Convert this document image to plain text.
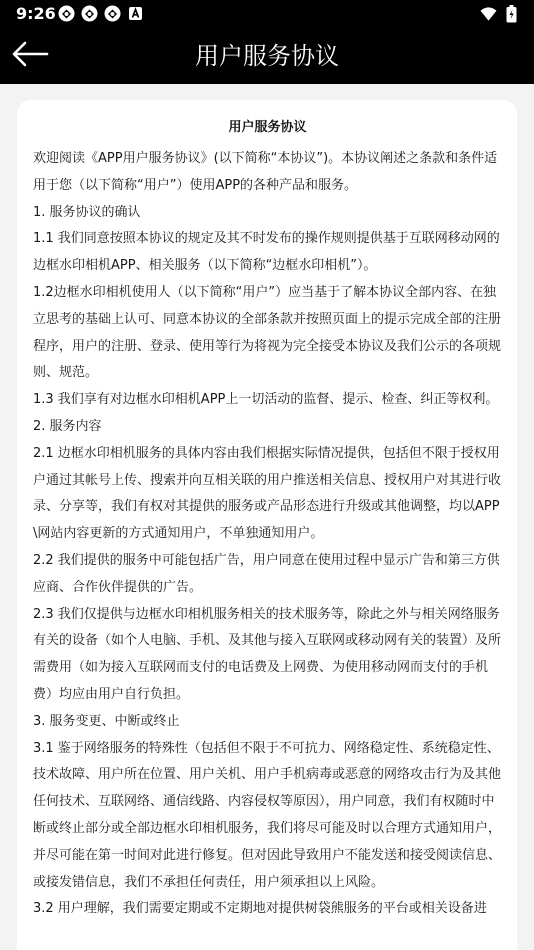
9:26
用户服务协议
用户服务协议

欢迎阅读《APP用户服务协议》(以下简称“本协议”)。本协议阐述之条款和条件适用于您（以下简称“用户”）使用APP的各种产品和服务。

1. 服务协议的确认

1.1 我们同意按照本协议的规定及其不时发布的操作规则提供基于互联网移动网的边框水印相机APP、相关服务（以下简称“边框水印相机”）。

1.2边框水印相机使用人（以下简称“用户”）应当基于了解本协议全部内容、在独立思考的基础上认可、同意本协议的全部条款并按照页面上的提示完成全部的注册程序，用户的注册、登录、使用等行为将视为完全接受本协议及我们公示的各项规则、规范。

1.3 我们享有对边框水印相机APP上一切活动的监督、提示、检查、纠正等权利。

2. 服务内容

2.1 边框水印相机服务的具体内容由我们根据实际情况提供，包括但不限于授权用户通过其帐号上传、搜索并向互相关联的用户推送相关信息、授权用户对其进行收录、分享等，我们有权对其提供的服务或产品形态进行升级或其他调整，均以APP\网站内容更新的方式通知用户，不单独通知用户。

2.2 我们提供的服务中可能包括广告，用户同意在使用过程中显示广告和第三方供应商、合作伙伴提供的广告。

2.3 我们仅提供与边框水印相机服务相关的技术服务等，除此之外与相关网络服务有关的设备（如个人电脑、手机、及其他与接入互联网或移动网有关的装置）及所需费用（如为接入互联网而支付的电话费及上网费、为使用移动网而支付的手机费）均应由用户自行负担。

3. 服务变更、中断或终止

3.1 鉴于网络服务的特殊性（包括但不限于不可抗力、网络稳定性、系统稳定性、技术故障、用户所在位置、用户关机、用户手机病毒或恶意的网络攻击行为及其他任何技术、互联网络、通信线路、内容侵权等原因），用户同意，我们有权随时中断或终止部分或全部边框水印相机服务，我们将尽可能及时以合理方式通知用户，并尽可能在第一时间对此进行修复。但对因此导致用户不能发送和接受阅读信息、或接发错信息，我们不承担任何责任，用户须承担以上风险。

3.2 用户理解，我们需要定期或不定期地对提供树袋熊服务的平台或相关设备进
